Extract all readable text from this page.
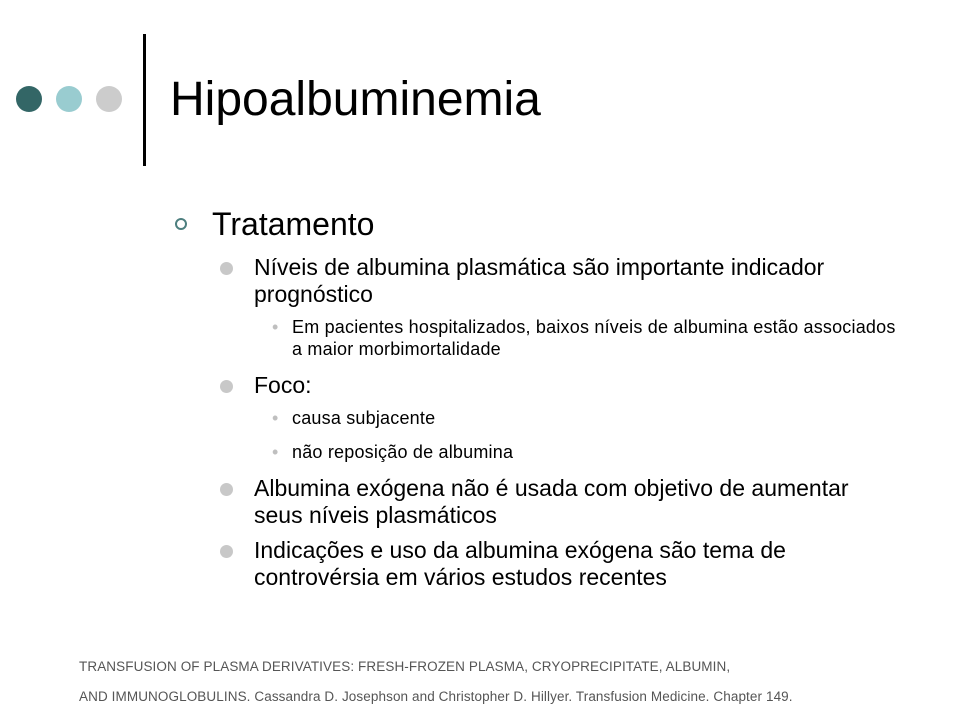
Hipoalbuminemia
Tratamento
Níveis de albumina plasmática são importante indicador prognóstico
• Em pacientes hospitalizados, baixos níveis de albumina estão associados a maior morbimortalidade
Foco:
• causa subjacente
• não reposição de albumina
Albumina exógena não é usada com objetivo de aumentar seus níveis plasmáticos
Indicações e uso da albumina exógena são tema de controvérsia em vários estudos recentes
TRANSFUSION OF PLASMA DERIVATIVES: FRESH-FROZEN PLASMA, CRYOPRECIPITATE, ALBUMIN,
AND IMMUNOGLOBULINS. Cassandra D. Josephson and Christopher D. Hillyer. Transfusion Medicine. Chapter 149.
